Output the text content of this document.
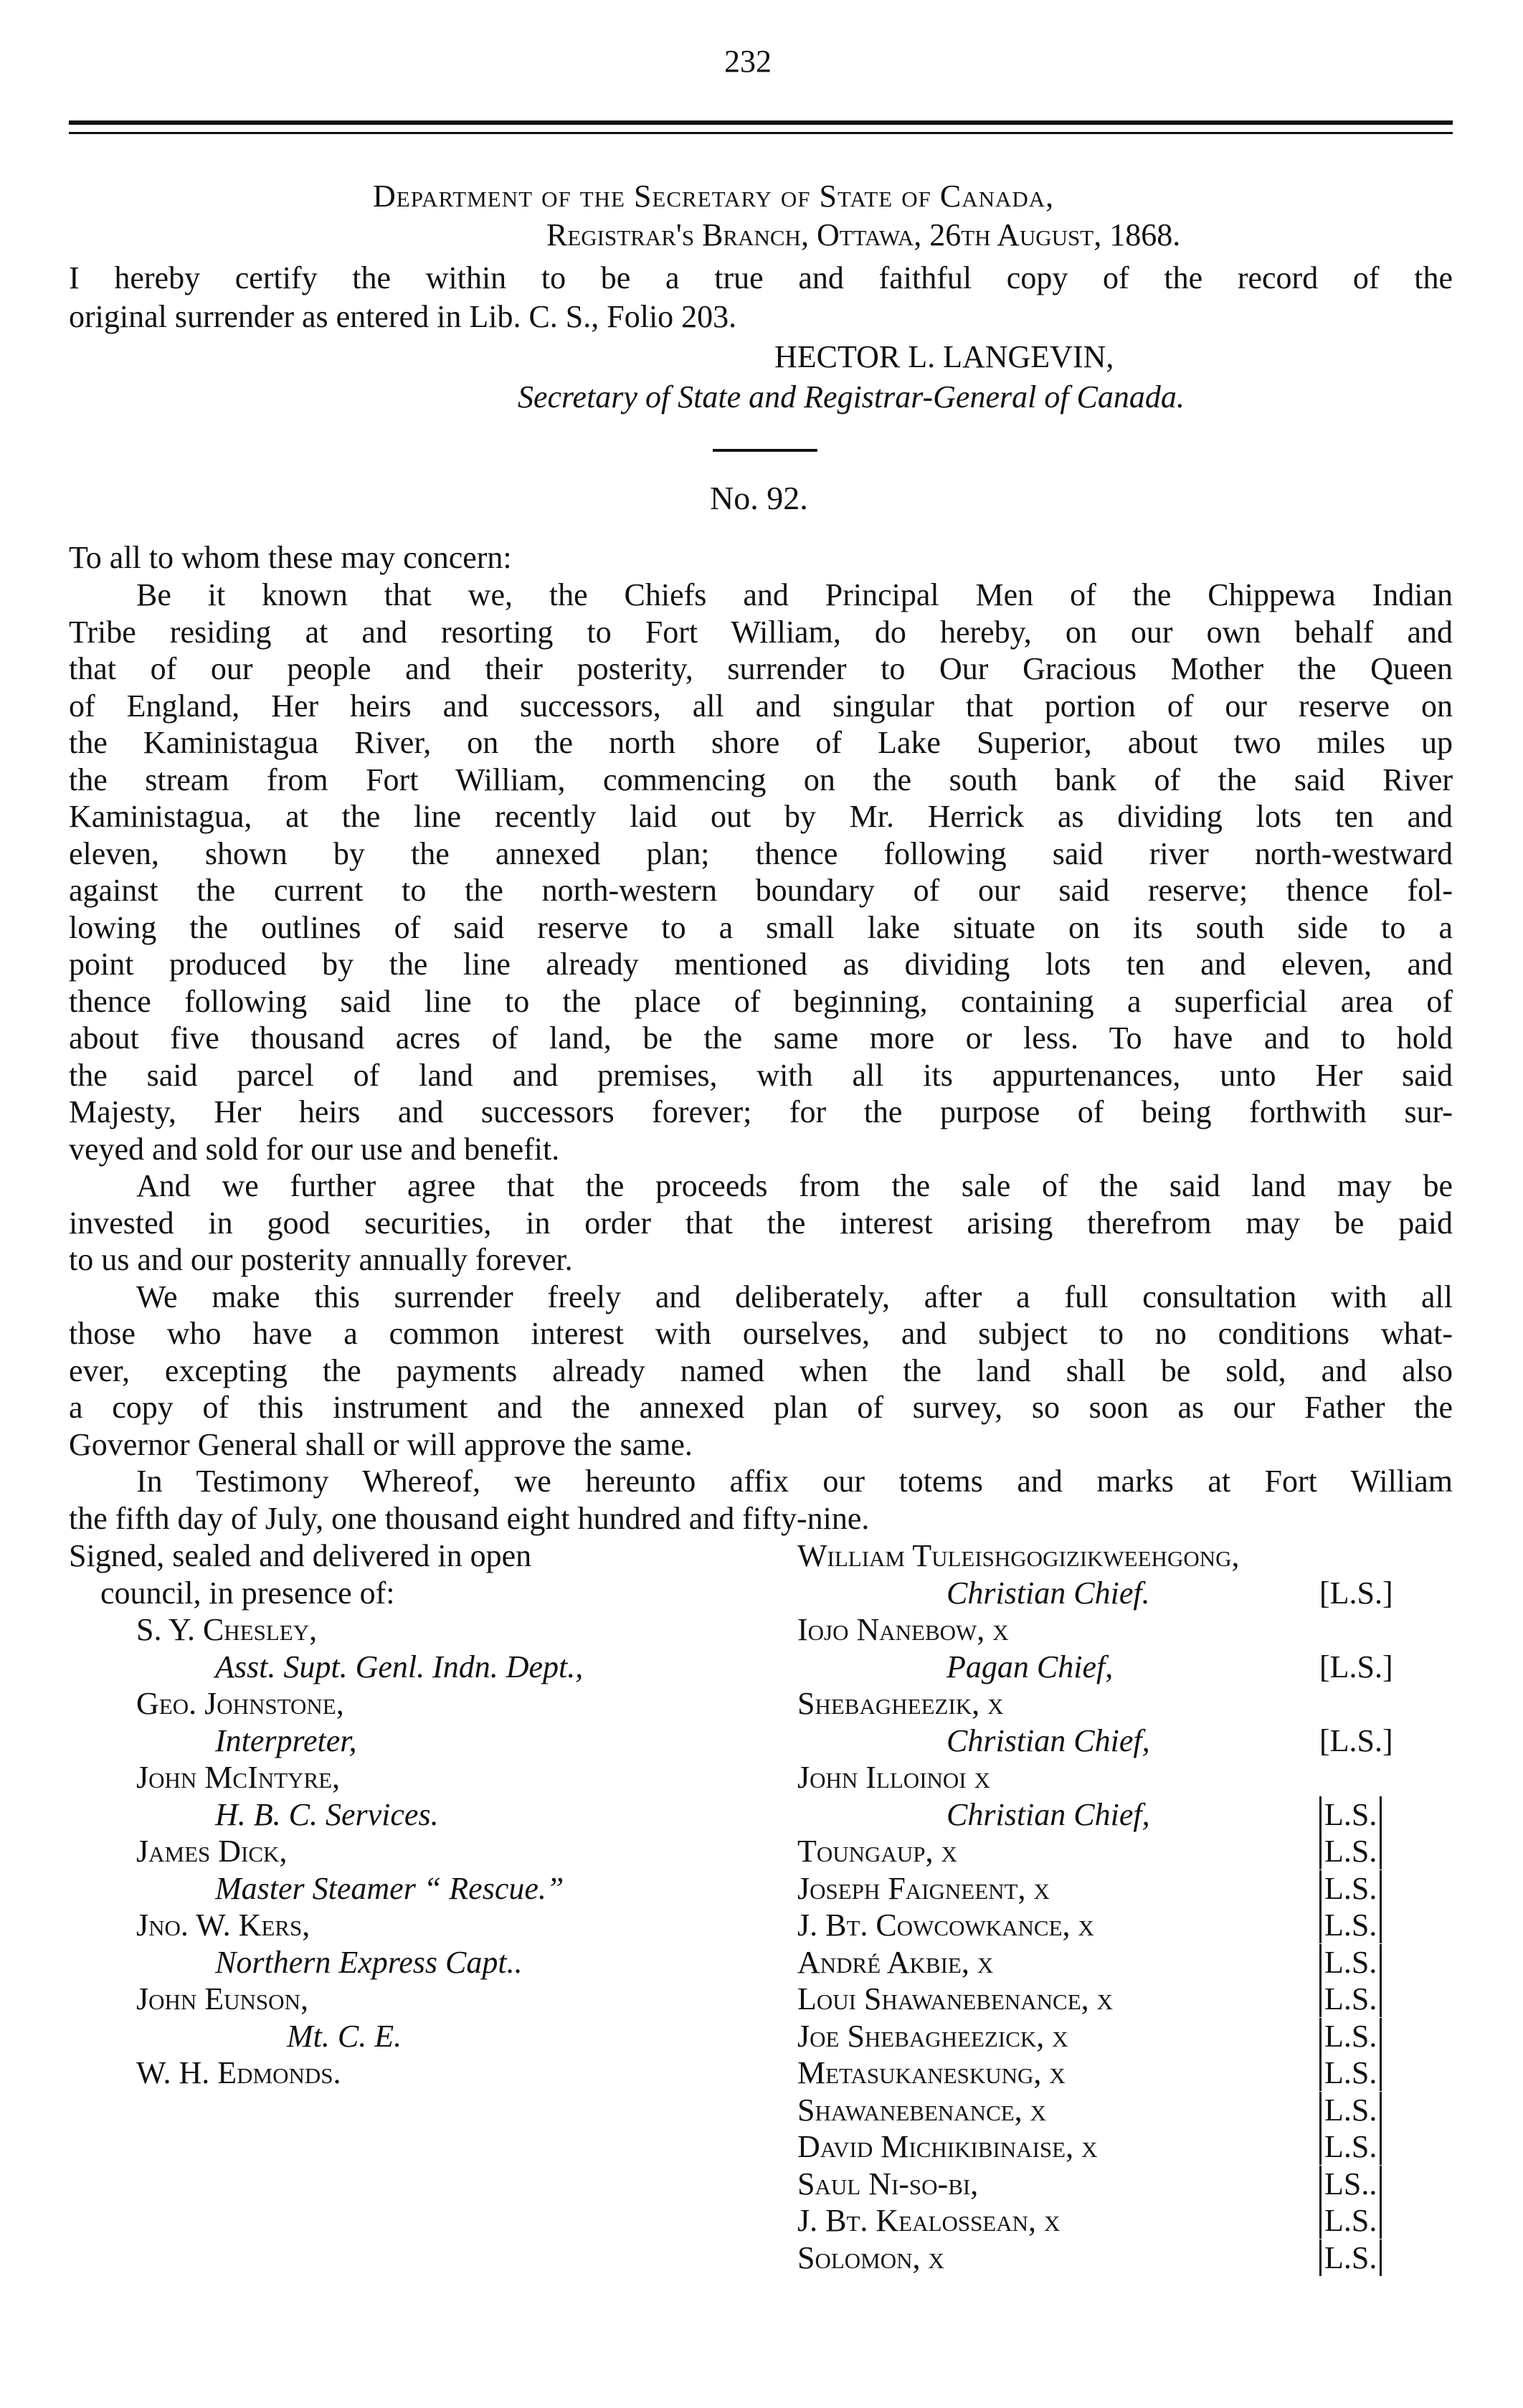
232
Department of the Secretary of State of Canada,
Registrar's Branch, Ottawa, 26th August, 1868.
I hereby certify the within to be a true and faithful copy of the record of the
original surrender as entered in Lib. C. S., Folio 203.
HECTOR L. LANGEVIN,
Secretary of State and Registrar-General of Canada.
No. 92.
To all to whom these may concern:
Be it known that we, the Chiefs and Principal Men of the Chippewa Indian
Tribe residing at and resorting to Fort William, do hereby, on our own behalf and
that of our people and their posterity, surrender to Our Gracious Mother the Queen
of England, Her heirs and successors, all and singular that portion of our reserve on
the Kaministagua River, on the north shore of Lake Superior, about two miles up
the stream from Fort William, commencing on the south bank of the said River
Kaministagua, at the line recently laid out by Mr. Herrick as dividing lots ten and
eleven, shown by the annexed plan; thence following said river north-westward
against the current to the north-western boundary of our said reserve; thence fol-
lowing the outlines of said reserve to a small lake situate on its south side to a
point produced by the line already mentioned as dividing lots ten and eleven, and
thence following said line to the place of beginning, containing a superficial area of
about five thousand acres of land, be the same more or less. To have and to hold
the said parcel of land and premises, with all its appurtenances, unto Her said
Majesty, Her heirs and successors forever; for the purpose of being forthwith sur-
veyed and sold for our use and benefit.
And we further agree that the proceeds from the sale of the said land may be
invested in good securities, in order that the interest arising therefrom may be paid
to us and our posterity annually forever.
We make this surrender freely and deliberately, after a full consultation with all
those who have a common interest with ourselves, and subject to no conditions what-
ever, excepting the payments already named when the land shall be sold, and also
a copy of this instrument and the annexed plan of survey, so soon as our Father the
Governor General shall or will approve the same.
In Testimony Whereof, we hereunto affix our totems and marks at Fort William
the fifth day of July, one thousand eight hundred and fifty-nine.
Signed, sealed and delivered in open
council, in presence of:
S. Y. Chesley,
Asst. Supt. Genl. Indn. Dept.,
Geo. Johnstone,
Interpreter,
John McIntyre,
H. B. C. Services.
James Dick,
Master Steamer “ Rescue.”
Jno. W. Kers,
Northern Express Capt..
John Eunson,
Mt. C. E.
W. H. Edmonds.
William Tuleishgogizikweehgong,
Christian Chief.	[L.S.]
Iojo Nanebow, x
Pagan Chief,	[L.S.]
Shebagheezik, x
Christian Chief,	[L.S.]
John Illoinoi x
Christian Chief,	L.S.
Toungaup, x	L.S.
Joseph Faigneent, x	L.S.
J. Bt. Cowcowkance, x	L.S.
André Akbie, x	L.S.
Loui Shawanebenance, x	L.S.
Joe Shebagheezick, x	L.S.
Metasukaneskung, x	L.S.
Shawanebenance, x	L.S.
David Michikibinaise, x	L.S.
Saul Ni-so-bi,	LS..
J. Bt. Kealossean, x	L.S.
Solomon, x	L.S.
